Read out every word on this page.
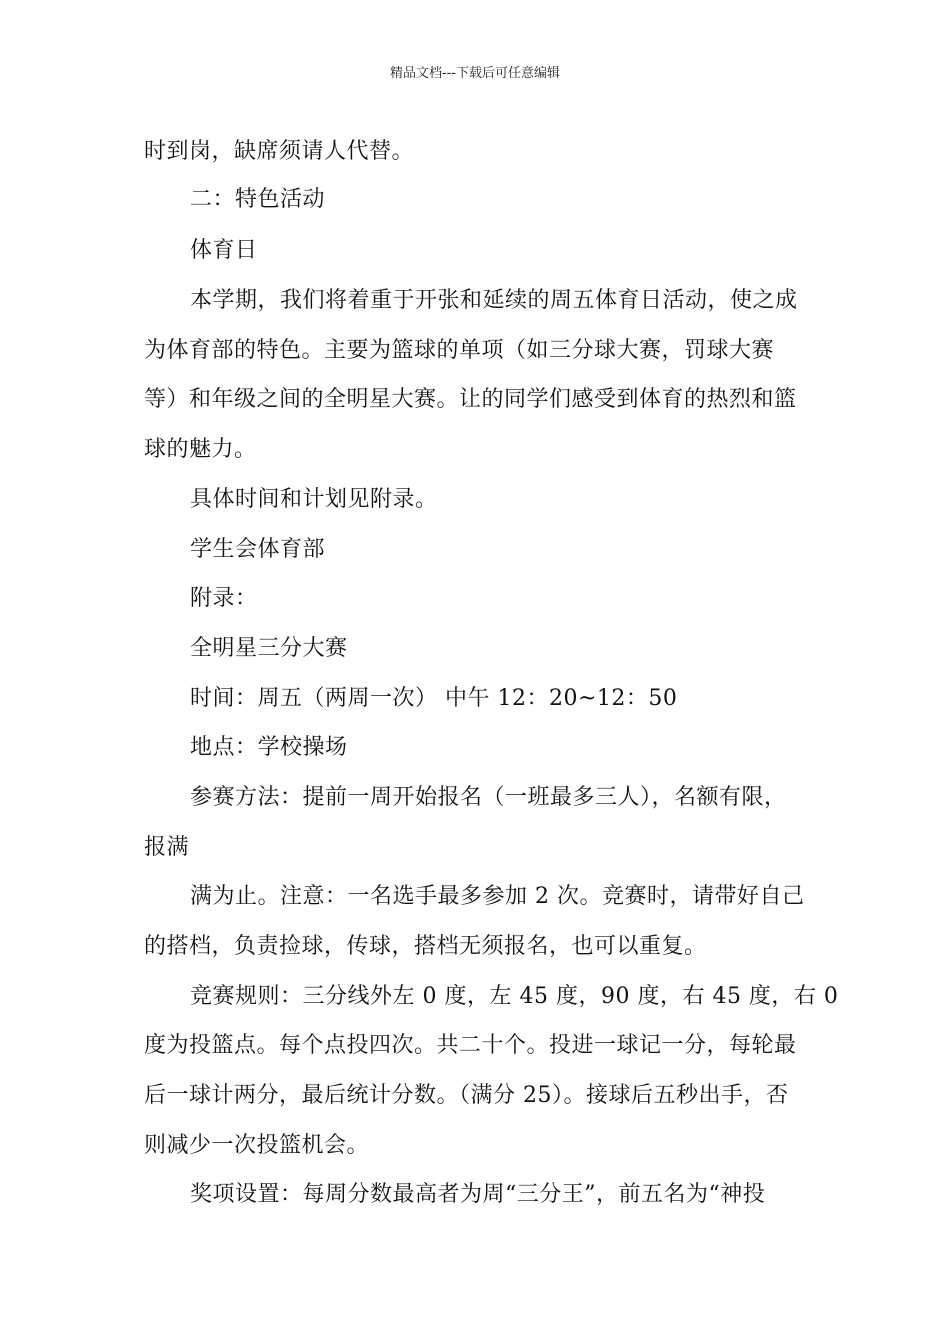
精品文档---下载后可任意编辑
时到岗，缺席须请人代替。
二：特色活动
体育日
本学期，我们将着重于开张和延续的周五体育日活动，使之成
为体育部的特色。主要为篮球的单项（如三分球大赛，罚球大赛
等）和年级之间的全明星大赛。让的同学们感受到体育的热烈和篮
球的魅力。
具体时间和计划见附录。
学生会体育部
附录：
全明星三分大赛
时间：周五（两周一次） 中午 12：20~12：50
地点：学校操场
参赛方法：提前一周开始报名（一班最多三人），名额有限，
报满
满为止。注意：一名选手最多参加 2 次。竞赛时，请带好自己
的搭档，负责捡球，传球，搭档无须报名，也可以重复。
竞赛规则：三分线外左 0 度，左 45 度，90 度，右 45 度，右 0
度为投篮点。每个点投四次。共二十个。投进一球记一分，每轮最
后一球计两分，最后统计分数。（满分 25）。接球后五秒出手，否
则减少一次投篮机会。
奖项设置：每周分数最高者为周“三分王”，前五名为“神投
